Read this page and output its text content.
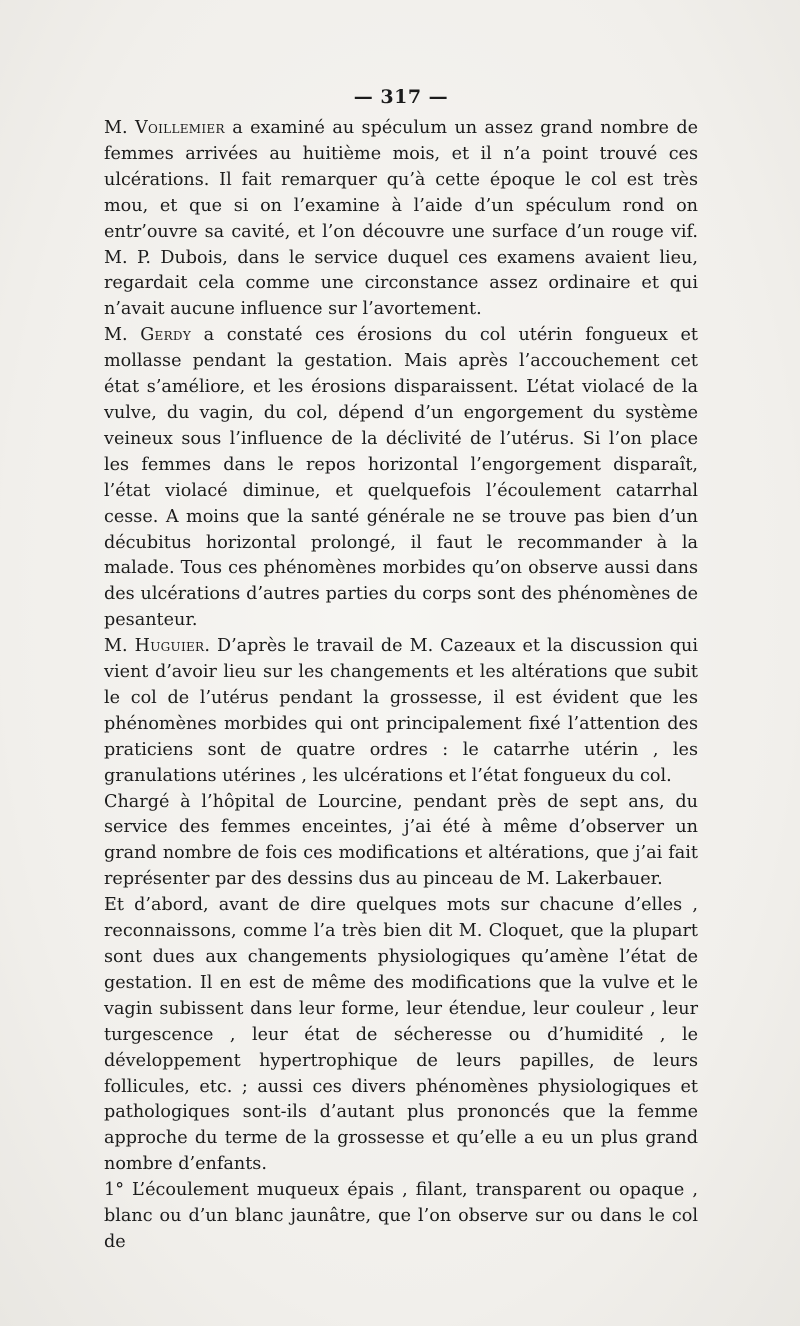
— 317 —

M. Voillemier a examiné au spéculum un assez grand nombre de femmes arrivées au huitième mois, et il n’a point trouvé ces ulcérations. Il fait remarquer qu’à cette époque le col est très mou, et que si on l’examine à l’aide d’un spéculum rond on entr’ouvre sa cavité, et l’on découvre une surface d’un rouge vif. M. P. Dubois, dans le service duquel ces examens avaient lieu, regardait cela comme une circonstance assez ordinaire et qui n’avait aucune influence sur l’avortement.

M. Gerdy a constaté ces érosions du col utérin fongueux et mollasse pendant la gestation. Mais après l’accouchement cet état s’améliore, et les érosions disparaissent. L’état violacé de la vulve, du vagin, du col, dépend d’un engorgement du système veineux sous l’influence de la déclivité de l’utérus. Si l’on place les femmes dans le repos horizontal l’engorgement disparaît, l’état violacé diminue, et quelquefois l’écoulement catarrhal cesse. A moins que la santé générale ne se trouve pas bien d’un décubitus horizontal prolongé, il faut le recommander à la malade. Tous ces phénomènes morbides qu’on observe aussi dans des ulcérations d’autres parties du corps sont des phénomènes de pesanteur.

M. Huguier. D’après le travail de M. Cazeaux et la discussion qui vient d’avoir lieu sur les changements et les altérations que subit le col de l’utérus pendant la grossesse, il est évident que les phénomènes morbides qui ont principalement fixé l’attention des praticiens sont de quatre ordres : le catarrhe utérin , les granulations utérines , les ulcérations et l’état fongueux du col.

Chargé à l’hôpital de Lourcine, pendant près de sept ans, du service des femmes enceintes, j’ai été à même d’observer un grand nombre de fois ces modifications et altérations, que j’ai fait représenter par des dessins dus au pinceau de M. Lakerbauer.

Et d’abord, avant de dire quelques mots sur chacune d’elles , reconnaissons, comme l’a très bien dit M. Cloquet, que la plupart sont dues aux changements physiologiques qu’amène l’état de gestation. Il en est de même des modifications que la vulve et le vagin subissent dans leur forme, leur étendue, leur couleur , leur turgescence , leur état de sécheresse ou d’humidité , le développement hypertrophique de leurs papilles, de leurs follicules, etc. ; aussi ces divers phénomènes physiologiques et pathologiques sont-ils d’autant plus prononcés que la femme approche du terme de la grossesse et qu’elle a eu un plus grand nombre d’enfants.

1° L’écoulement muqueux épais , filant, transparent ou opaque , blanc ou d’un blanc jaunâtre, que l’on observe sur ou dans le col de
